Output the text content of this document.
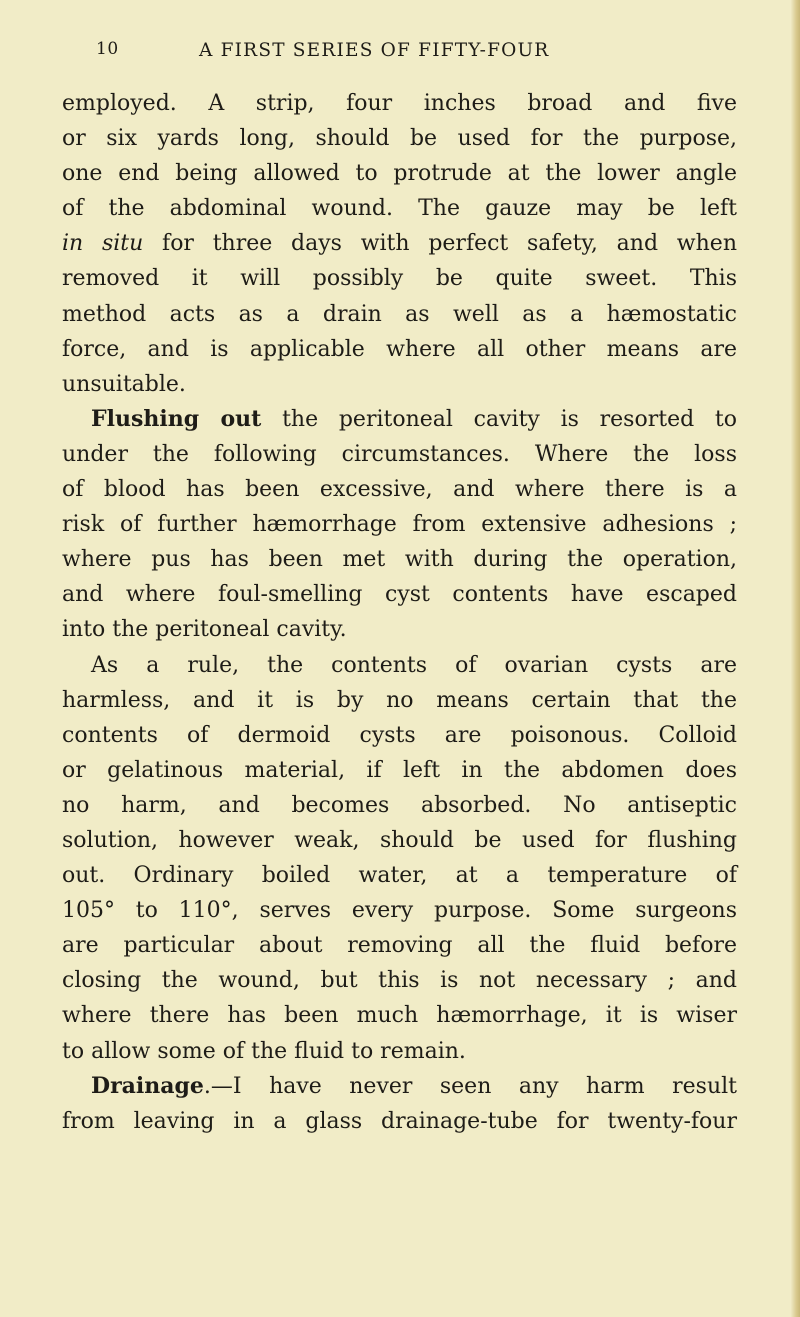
10	A FIRST SERIES OF FIFTY-FOUR
employed. A strip, four inches broad and five
or six yards long, should be used for the purpose,
one end being allowed to protrude at the lower angle
of the abdominal wound. The gauze may be left
in situ for three days with perfect safety, and when
removed it will possibly be quite sweet. This
method acts as a drain as well as a hæmostatic
force, and is applicable where all other means are
unsuitable.
Flushing out the peritoneal cavity is resorted to
under the following circumstances. Where the loss
of blood has been excessive, and where there is a
risk of further hæmorrhage from extensive adhesions ;
where pus has been met with during the operation,
and where foul-smelling cyst contents have escaped
into the peritoneal cavity.
As a rule, the contents of ovarian cysts are
harmless, and it is by no means certain that the
contents of dermoid cysts are poisonous. Colloid
or gelatinous material, if left in the abdomen does
no harm, and becomes absorbed. No antiseptic
solution, however weak, should be used for flushing
out. Ordinary boiled water, at a temperature of
105° to 110°, serves every purpose. Some surgeons
are particular about removing all the fluid before
closing the wound, but this is not necessary ; and
where there has been much hæmorrhage, it is wiser
to allow some of the fluid to remain.
Drainage.—I have never seen any harm result
from leaving in a glass drainage-tube for twenty-four
